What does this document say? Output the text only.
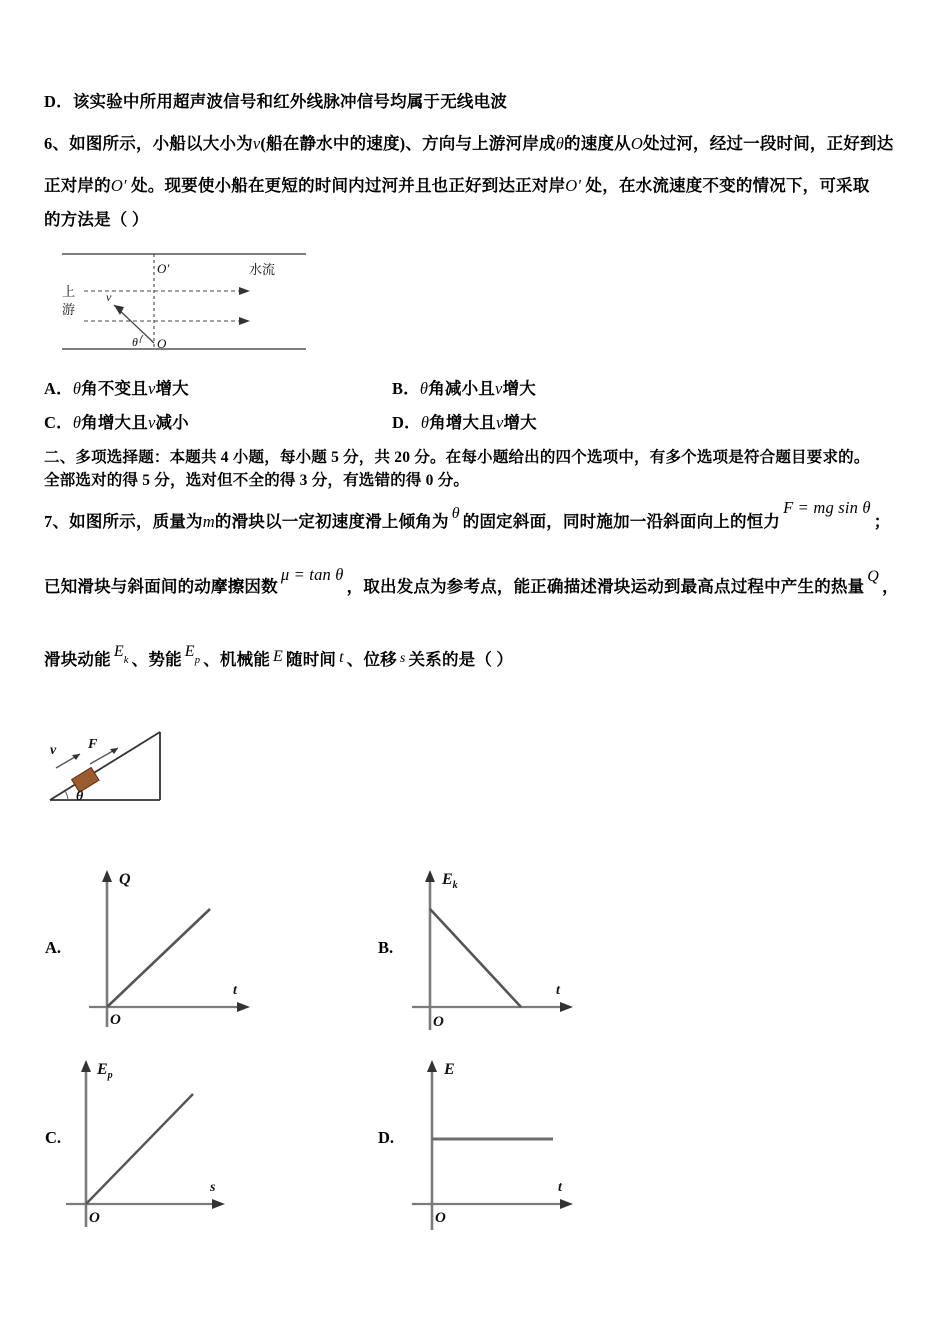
D．该实验中所用超声波信号和红外线脉冲信号均属于无线电波
6、如图所示，小船以大小为v(船在静水中的速度)、方向与上游河岸成θ的速度从O处过河，经过一段时间，正好到达
正对岸的O′ 处。现要使小船在更短的时间内过河并且也正好到达正对岸O′ 处，在水流速度不变的情况下，可采取
的方法是（ ）
O′
O
θ
v
水流
上
游
A．θ角不变且v增大	B．θ角减小且v增大
C．θ角增大且v减小	D．θ角增大且v增大
二、多项选择题：本题共 4 小题，每小题 5 分，共 20 分。在每小题给出的四个选项中，有多个选项是符合题目要求的。
全部选对的得 5 分，选对但不全的得 3 分，有选错的得 0 分。
7、如图所示，质量为m的滑块以一定初速度滑上倾角为 θ 的固定斜面，同时施加一沿斜面向上的恒力F = mg sin θ；
已知滑块与斜面间的动摩擦因数μ = tan θ，取出发点为参考点，能正确描述滑块运动到最高点过程中产生的热量Q，
滑块动能 $E_k$ 、势能 $E_p$ 、机械能 E 随时间 t 、位移 s 关系的是（ ）
v F
θ
A.
Q
t
O
B.
$E_k$
t
O
C.
$E_p$
s
O
D.
E
t
O
